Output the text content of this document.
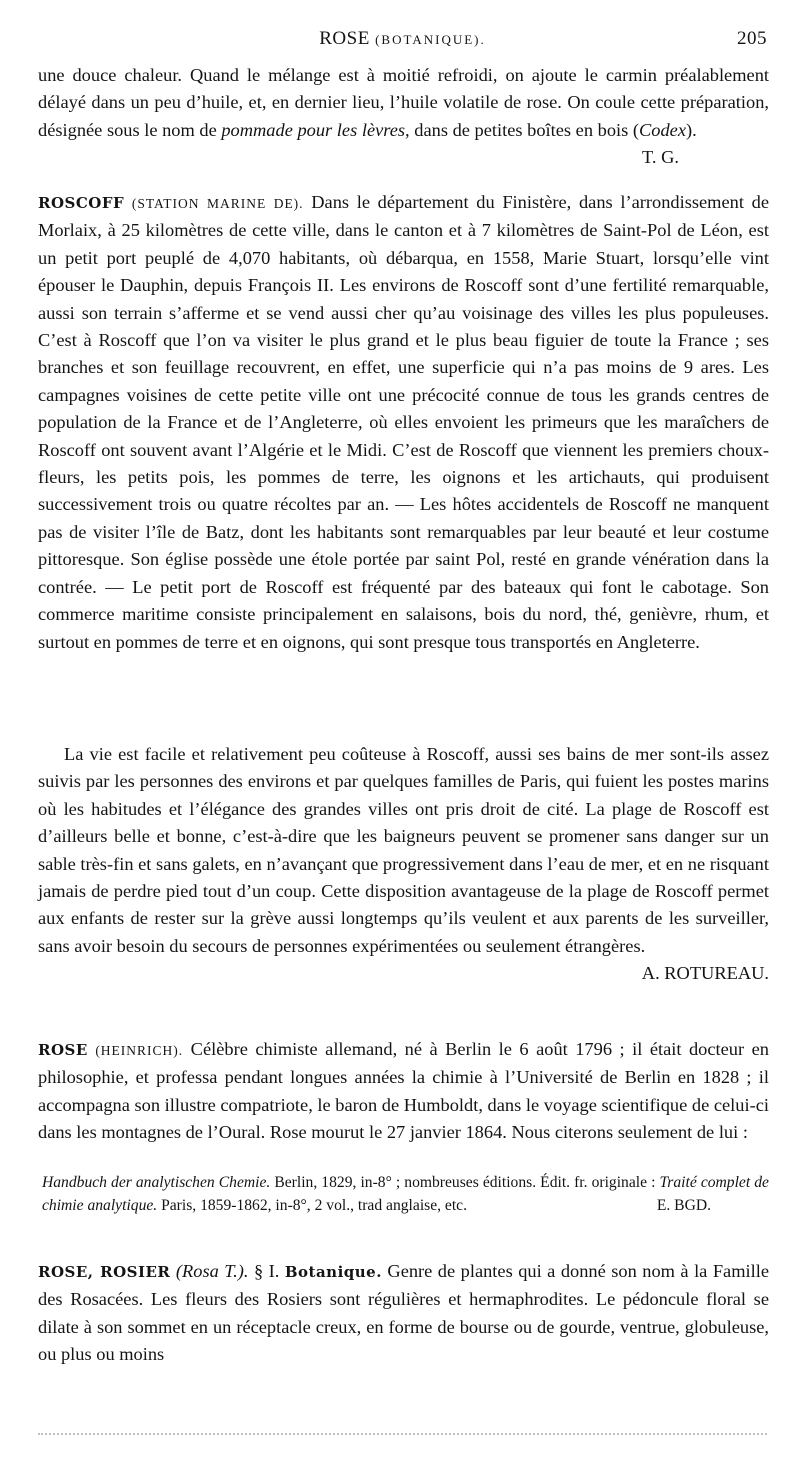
ROSE (BOTANIQUE).	205

une douce chaleur. Quand le mélange est à moitié refroidi, on ajoute le carmin préalablement délayé dans un peu d’huile, et, en dernier lieu, l’huile volatile de rose. On coule cette préparation, désignée sous le nom de pommade pour les lèvres, dans de petites boîtes en bois (Codex).
T. G.

ROSCOFF (STATION MARINE DE). Dans le département du Finistère, dans l’arrondissement de Morlaix, à 25 kilomètres de cette ville, dans le canton et à 7 kilomètres de Saint-Pol de Léon, est un petit port peuplé de 4,070 habitants, où débarqua, en 1558, Marie Stuart, lorsqu’elle vint épouser le Dauphin, depuis François II. Les environs de Roscoff sont d’une fertilité remarquable, aussi son terrain s’afferme et se vend aussi cher qu’au voisinage des villes les plus populeuses. C’est à Roscoff que l’on va visiter le plus grand et le plus beau figuier de toute la France ; ses branches et son feuillage recouvrent, en effet, une superficie qui n’a pas moins de 9 ares. Les campagnes voisines de cette petite ville ont une précocité connue de tous les grands centres de population de la France et de l’Angleterre, où elles envoient les primeurs que les maraîchers de Roscoff ont souvent avant l’Algérie et le Midi. C’est de Roscoff que viennent les premiers choux-fleurs, les petits pois, les pommes de terre, les oignons et les artichauts, qui produisent successivement trois ou quatre récoltes par an. — Les hôtes accidentels de Roscoff ne manquent pas de visiter l’île de Batz, dont les habitants sont remarquables par leur beauté et leur costume pittoresque. Son église possède une étole portée par saint Pol, resté en grande vénération dans la contrée. — Le petit port de Roscoff est fréquenté par des bateaux qui font le cabotage. Son commerce maritime consiste principalement en salaisons, bois du nord, thé, genièvre, rhum, et surtout en pommes de terre et en oignons, qui sont presque tous transportés en Angleterre.

La vie est facile et relativement peu coûteuse à Roscoff, aussi ses bains de mer sont-ils assez suivis par les personnes des environs et par quelques familles de Paris, qui fuient les postes marins où les habitudes et l’élégance des grandes villes ont pris droit de cité. La plage de Roscoff est d’ailleurs belle et bonne, c’est-à-dire que les baigneurs peuvent se promener sans danger sur un sable très-fin et sans galets, en n’avançant que progressivement dans l’eau de mer, et en ne risquant jamais de perdre pied tout d’un coup. Cette disposition avantageuse de la plage de Roscoff permet aux enfants de rester sur la grève aussi longtemps qu’ils veulent et aux parents de les surveiller, sans avoir besoin du secours de personnes expérimentées ou seulement étrangères.
A. ROTUREAU.

ROSE (HEINRICH). Célèbre chimiste allemand, né à Berlin le 6 août 1796 ; il était docteur en philosophie, et professa pendant longues années la chimie à l’Université de Berlin en 1828 ; il accompagna son illustre compatriote, le baron de Humboldt, dans le voyage scientifique de celui-ci dans les montagnes de l’Oural. Rose mourut le 27 janvier 1864. Nous citerons seulement de lui :

Handbuch der analytischen Chemie. Berlin, 1829, in-8° ; nombreuses éditions. Édit. fr. originale : Traité complet de chimie analytique. Paris, 1859-1862, in-8°, 2 vol., trad anglaise, etc.	E. BGD.

ROSE, ROSIER (Rosa T.). § I. Botanique. Genre de plantes qui a donné son nom à la Famille des Rosacées. Les fleurs des Rosiers sont régulières et hermaphrodites. Le pédoncule floral se dilate à son sommet en un réceptacle creux, en forme de bourse ou de gourde, ventrue, globuleuse, ou plus ou moins
